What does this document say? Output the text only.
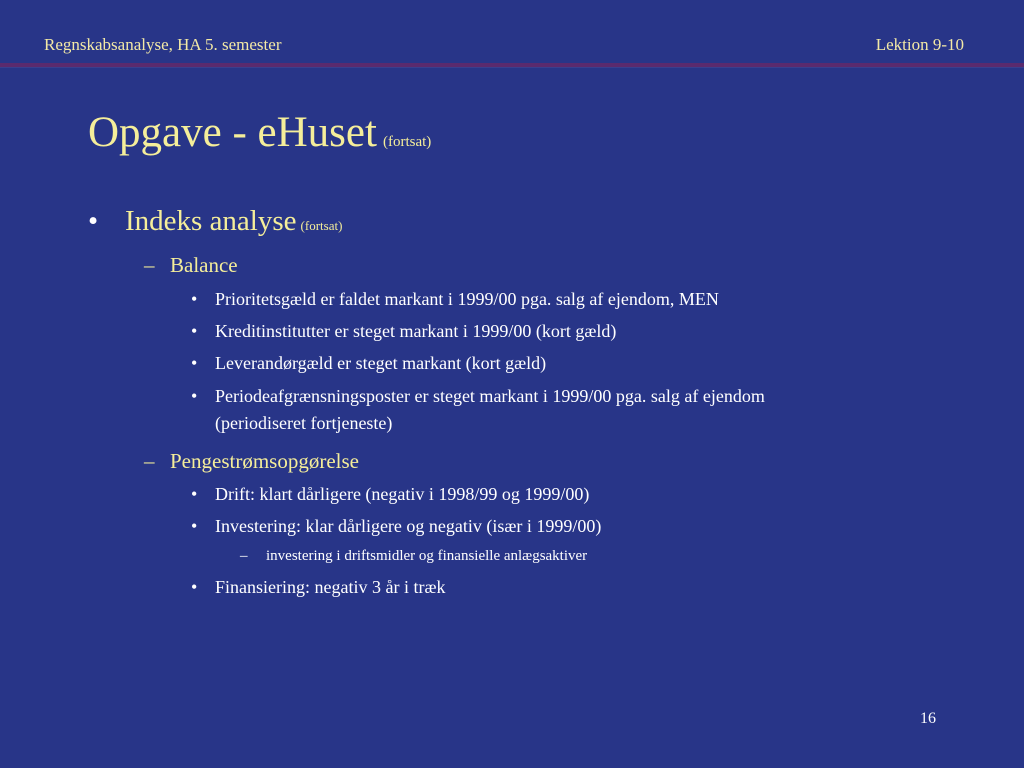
Regnskabsanalyse, HA 5. semester	Lektion 9-10
Opgave - eHuset (fortsat)
• Indeks analyse (fortsat)
– Balance
• Prioritetsgæld er faldet markant i 1999/00 pga. salg af ejendom, MEN
• Kreditinstitutter er steget markant i 1999/00 (kort gæld)
• Leverandørgæld er steget markant (kort gæld)
• Periodeafgrænsningsposter er steget markant i 1999/00 pga. salg af ejendom
(periodiseret fortjeneste)
– Pengestrømsopgørelse
• Drift: klart dårligere (negativ i 1998/99 og 1999/00)
• Investering: klar dårligere og negativ (især i 1999/00)
– investering i driftsmidler og finansielle anlægsaktiver
• Finansiering: negativ 3 år i træk
16
